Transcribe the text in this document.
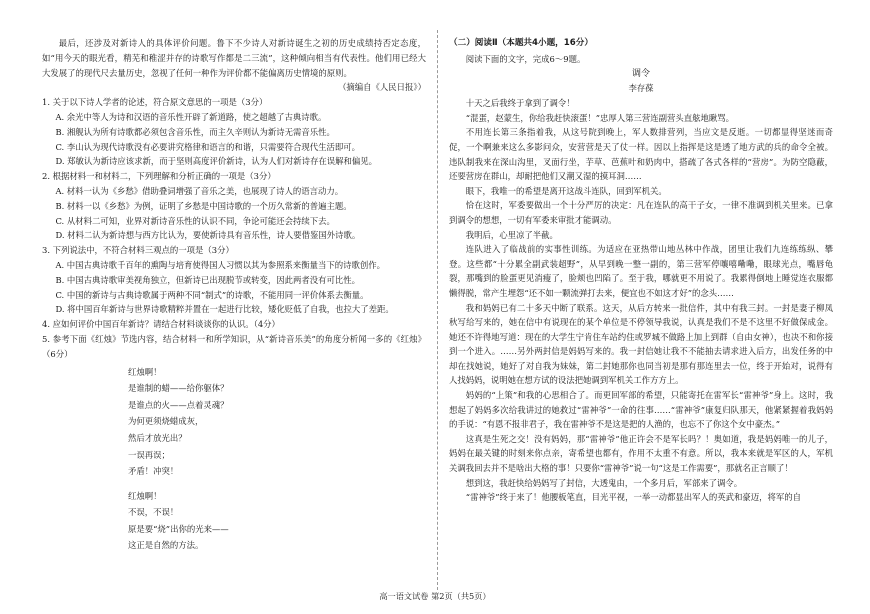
最后，还涉及对新诗人的具体评价问题。鲁下不少诗人对新诗诞生之初的历史成绩持否定态度，如“用今天的眼光看，精芜和稚涩并存的诗歌写作都是二三流”，这种倾向相当有代表性。他们用已经大大发展了的现代尺去量历史，忽视了任何一种作为评价都不能偏离历史情境的原则。

（摘编自《人民日报》）

1. 关于以下诗人学者的论述，符合原文意思的一项是（3分）

A. 余光中等人为诗和汉语的音乐性开辟了新道路，使之超越了古典诗歌。

B. 湘舰认为所有诗歌都必须包含音乐性，而主久辛则认为新诗无需音乐性。

C. 李山认为现代诗歌没有必要讲究格律和语言的和谐，只需要符合现代生活即可。

D. 郑敏认为新诗应该求新，而于坚则高度评价新诗，认为人们对新诗存在误解和偏见。

2. 根据材料一和材料二，下列理解和分析正确的一项是（3分）

A. 材料一认为《乡愁》借助叠词增强了音乐之美，也展现了诗人的语言动力。

B. 材料一以《乡愁》为例，证明了乡愁是中国诗歌的一个历久常新的普遍主题。

C. 从材料二可知，业界对新诗音乐性的认识不同，争论可能还会持续下去。

D. 材料二认为新诗想与西方比认为，要使新诗具有音乐性，诗人要借鉴国外诗歌。

3. 下列说法中，不符合材料三观点的一项是（3分）

A. 中国古典诗歌千百年的熏陶与培育使得国人习惯以其为参照系来衡量当下的诗歌创作。

B. 中国古典诗歌审美视角独立，但新诗已出现脱节或转变，因此两者没有可比性。

C. 中国的新诗与古典诗歌属于两种不同“制式”的诗歌，不能用同一评价体系去衡量。

D. 将中国百年新诗与世界诗歌精粹并置在一起进行比较，矮化贬低了自我，也拉大了差距。

4. 应如何评价中国百年新诗？请结合材料谈谈你的认识。（4分）

5. 参考下面《红烛》节选内容，结合材料一和所学知识，从“新诗音乐美”的角度分析闻一多的《红烛》（6分）

红烛啊！

是谁制的蜡——给你躯体？

是谁点的火——点着灵魂？

为何更须烧蜡成灰，

然后才放光出？

一误再误；

矛盾！冲突！

红烛啊！

不误，不误！

原是要“烧”出你的光来——

这正是自然的方法。

（二）阅读Ⅱ（本题共4小题，16分）

阅读下面的文字，完成6～9题。

调令

李存葆

十天之后我终于拿到了调令！

“混蛋，赵蒙生，你给我赶快滚蛋！”忠厚人第三营连副营头直舷地瞅骂。

不用连长第三条指着我，从这号院到晚上，军人数排营列，当应文是反逝。一切都显得坚迷而奇促，一个啊兼来这么多影问众，安营营是天了仗一样。因以上指挥是这是透了地方武的兵的命令全被。违队制我来在深山沟里，叉面行坐，芋草、芭蕉叶和奶肉中，搭疏了各式各样的“营房”。为防空隐蔽，还要营房在群山，却耐把他们又潮又湿的摸耳洞……

眼下，我唯一的希望是离开这战斗连队，回到军机关。

恰在这时，军委要做出一个十分严厉的决定：凡在连队的高干子女，一律不准调到机关里来。已拿到调令的想想，一切有军委来审批才能调动。

我明后，心里凉了半截。

连队进入了临战前的实事性训练。为适应在亚热带山地丛林中作战，团里让我们九连练练纵、攀登。这些都“十分累全副武装超野”，从早到晚一整一副的，第三营军停嚷嘻嘞嘞，眼球光点，嘴唇龟裂，那嘴到的脸蛋更见消瘦了，脸颊也凹陷了。至于我，哪就更不用说了。我累得倒地上睡觉连衣服都懒得脱，常产生埋怨“还不如一颗流弹打去来，便宜也不如这才好”的念头……

我和妈妈已有二十多天中断了联系。这天，从后方转来一批信件，其中有我三封。一封是妻子柳凤秋写给写来的，她在信中有说现在的某个单位是不停领导我说，认真是我们不是不这里不好做保成金。她还不许得地写道：现在的大学生宁肯住车站约住或罗城不做路上加上到群（自由女神），也决不和你接到一个进入。……另外两封信是妈妈写来的。我一封信她让我不不能抽去请求进入后方，出发任务的中却在找她说，她好了对自我为妹妹，第二封她那你也同当初是那有那连里去一位，终于开始对，说得有人找妈妈，说明她在想方试的设法把她调到军机关工作方方上。

妈妈的“上策”和我的心思相合了。而更回军部的希望，只能寄托在雷军长“雷神爷”身上。这时，我想起了妈妈多次给我讲过的她救过“雷神爷”一命的往事……“雷神爷”康复归队那天，他紧紧握着我妈妈的手说：“有恩不报非君子，我在雷神爷不是这是把的人渔的，也忘不了你这个女中豪杰。”

这真是生死之交！没有妈妈，那“雷神爷”他正许会不是军长吗？！奥如道，我是妈妈唯一的儿子，妈妈在最关键的时刻来你点亲，寄希望也都有，作用不太重不有意。所以，我本来就是军区的人，军机关调我回去并不是啥出大格的事！只要你“雷神爷”说一句“这是工作需要”，那就名正言顺了！

想到这，我赶快给妈妈写了封信，大透鬼由，一个多月后，军部来了调令。

“雷神爷”终于来了！他腰板笔直，目光平视，一举一动都显出军人的英武和豪迈，将军的自

高一语文试卷 第2页（共5页）
